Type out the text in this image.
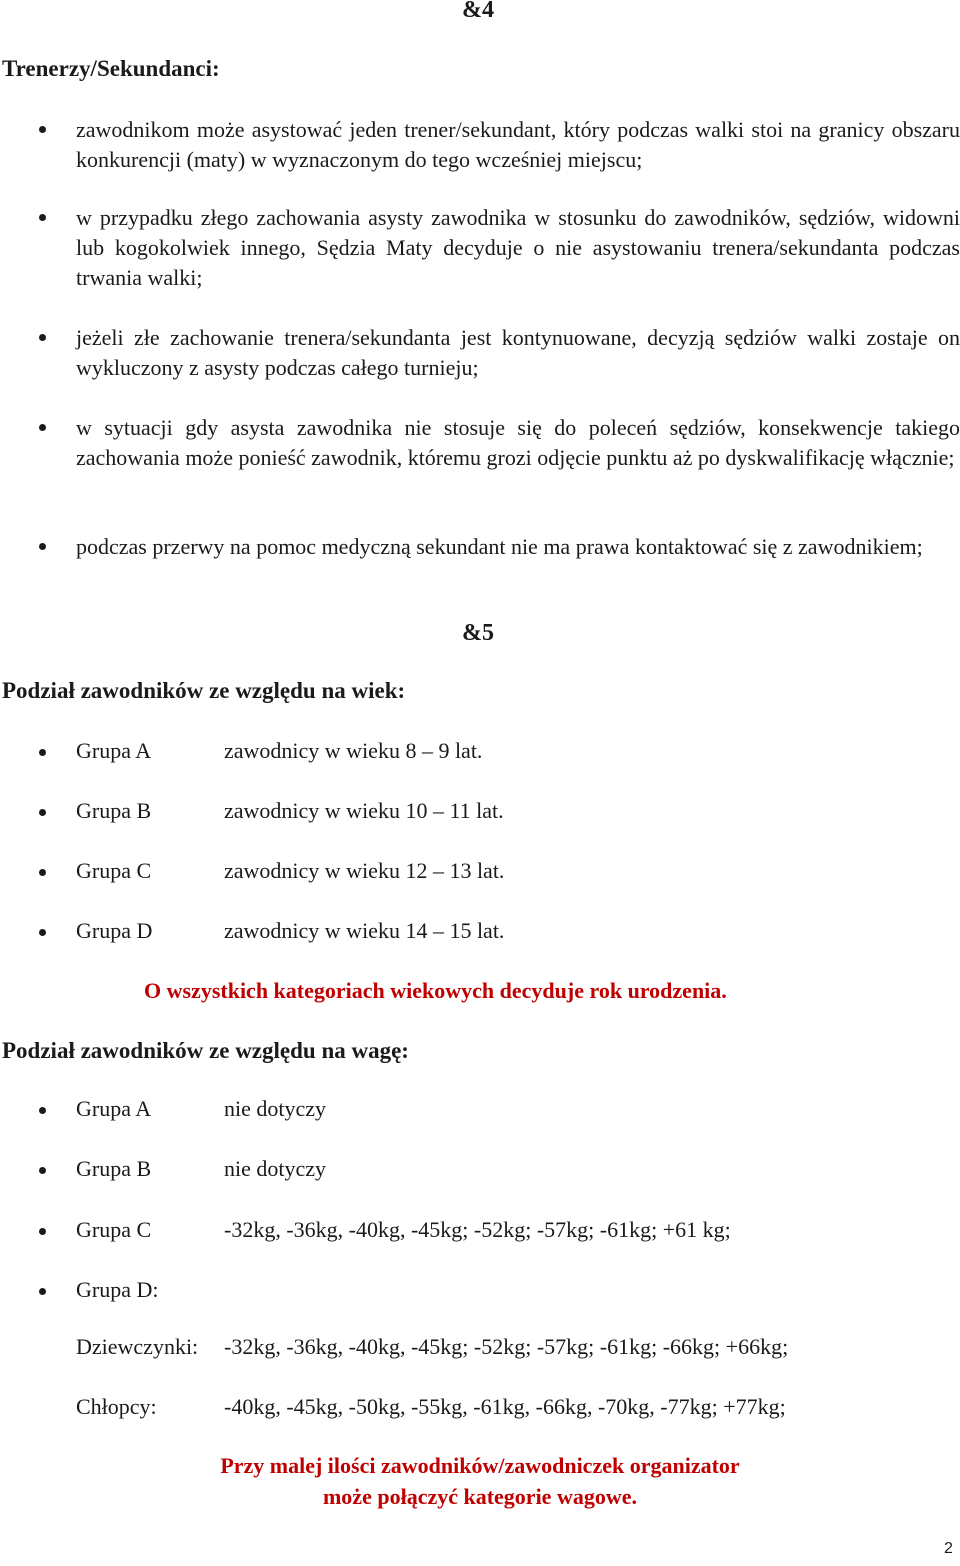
&4
Trenerzy/Sekundanci:
zawodnikom może asystować jeden trener/sekundant, który podczas walki stoi na granicy obszaru konkurencji (maty) w wyznaczonym do tego wcześniej miejscu;
w przypadku złego zachowania asysty zawodnika w stosunku do zawodników, sędziów, widowni lub kogokolwiek innego, Sędzia Maty decyduje o nie asystowaniu trenera/sekundanta podczas trwania walki;
jeżeli złe zachowanie trenera/sekundanta jest kontynuowane, decyzją sędziów walki zostaje on wykluczony z asysty podczas całego turnieju;
w sytuacji gdy asysta zawodnika nie stosuje się do poleceń sędziów, konsekwencje takiego zachowania może ponieść zawodnik, któremu grozi odjęcie punktu aż po dyskwalifikację włącznie;
podczas przerwy na pomoc medyczną sekundant nie ma prawa kontaktować się z zawodnikiem;
&5
Podział zawodników ze względu na wiek:
Grupa A	zawodnicy w wieku 8 – 9 lat.
Grupa B	zawodnicy w wieku 10 – 11 lat.
Grupa C	zawodnicy w wieku 12 – 13 lat.
Grupa D	zawodnicy w wieku 14 – 15 lat.
O wszystkich kategoriach wiekowych decyduje rok urodzenia.
Podział zawodników ze względu na wagę:
Grupa A	nie dotyczy
Grupa B	nie dotyczy
Grupa C	-32kg, -36kg, -40kg, -45kg; -52kg; -57kg; -61kg; +61 kg;
Grupa D:
Dziewczynki: -32kg, -36kg, -40kg, -45kg; -52kg; -57kg; -61kg; -66kg; +66kg;
Chłopcy:	-40kg, -45kg, -50kg, -55kg, -61kg, -66kg, -70kg, -77kg; +77kg;
Przy malej ilości zawodników/zawodniczek organizator
może połączyć kategorie wagowe.
2
